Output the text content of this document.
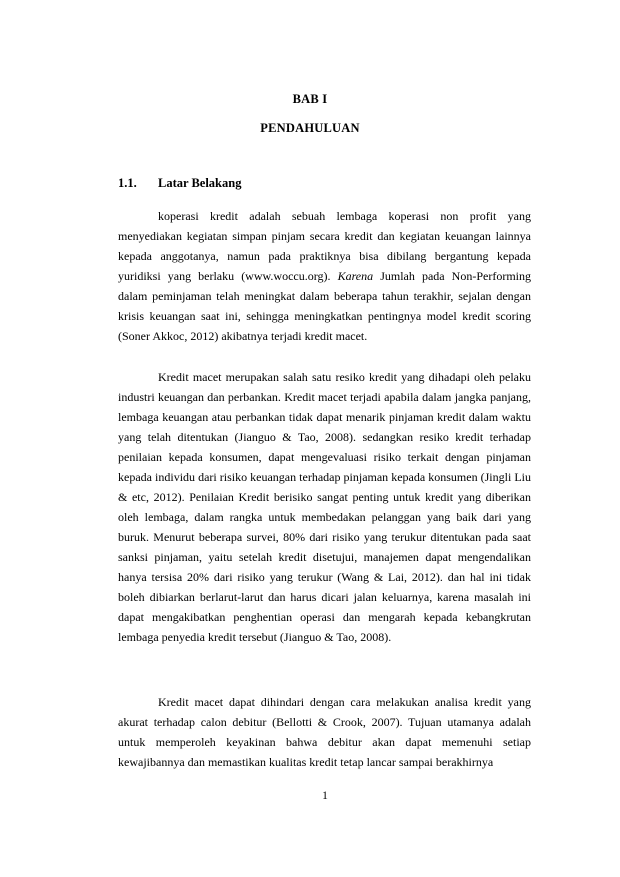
BAB I
PENDAHULUAN
1.1. Latar Belakang

koperasi kredit adalah sebuah lembaga koperasi non profit yang menyediakan kegiatan simpan pinjam secara kredit dan kegiatan keuangan lainnya kepada anggotanya, namun pada praktiknya bisa dibilang bergantung kepada yuridiksi yang berlaku (www.woccu.org). Karena Jumlah pada Non-Performing dalam peminjaman telah meningkat dalam beberapa tahun terakhir, sejalan dengan krisis keuangan saat ini, sehingga meningkatkan pentingnya model kredit scoring (Soner Akkoc, 2012) akibatnya terjadi kredit macet.

Kredit macet merupakan salah satu resiko kredit yang dihadapi oleh pelaku industri keuangan dan perbankan. Kredit macet terjadi apabila dalam jangka panjang, lembaga keuangan atau perbankan tidak dapat menarik pinjaman kredit dalam waktu yang telah ditentukan (Jianguo & Tao, 2008). sedangkan resiko kredit terhadap penilaian kepada konsumen, dapat mengevaluasi risiko terkait dengan pinjaman kepada individu dari risiko keuangan terhadap pinjaman kepada konsumen (Jingli Liu & etc, 2012). Penilaian Kredit berisiko sangat penting untuk kredit yang diberikan oleh lembaga, dalam rangka untuk membedakan pelanggan yang baik dari yang buruk. Menurut beberapa survei, 80% dari risiko yang terukur ditentukan pada saat sanksi pinjaman, yaitu setelah kredit disetujui, manajemen dapat mengendalikan hanya tersisa 20% dari risiko yang terukur (Wang & Lai, 2012). dan hal ini tidak boleh dibiarkan berlarut-larut dan harus dicari jalan keluarnya, karena masalah ini dapat mengakibatkan penghentian operasi dan mengarah kepada kebangkrutan lembaga penyedia kredit tersebut (Jianguo & Tao, 2008).

Kredit macet dapat dihindari dengan cara melakukan analisa kredit yang akurat terhadap calon debitur (Bellotti & Crook, 2007). Tujuan utamanya adalah untuk memperoleh keyakinan bahwa debitur akan dapat memenuhi setiap kewajibannya dan memastikan kualitas kredit tetap lancar sampai berakhirnya

1
